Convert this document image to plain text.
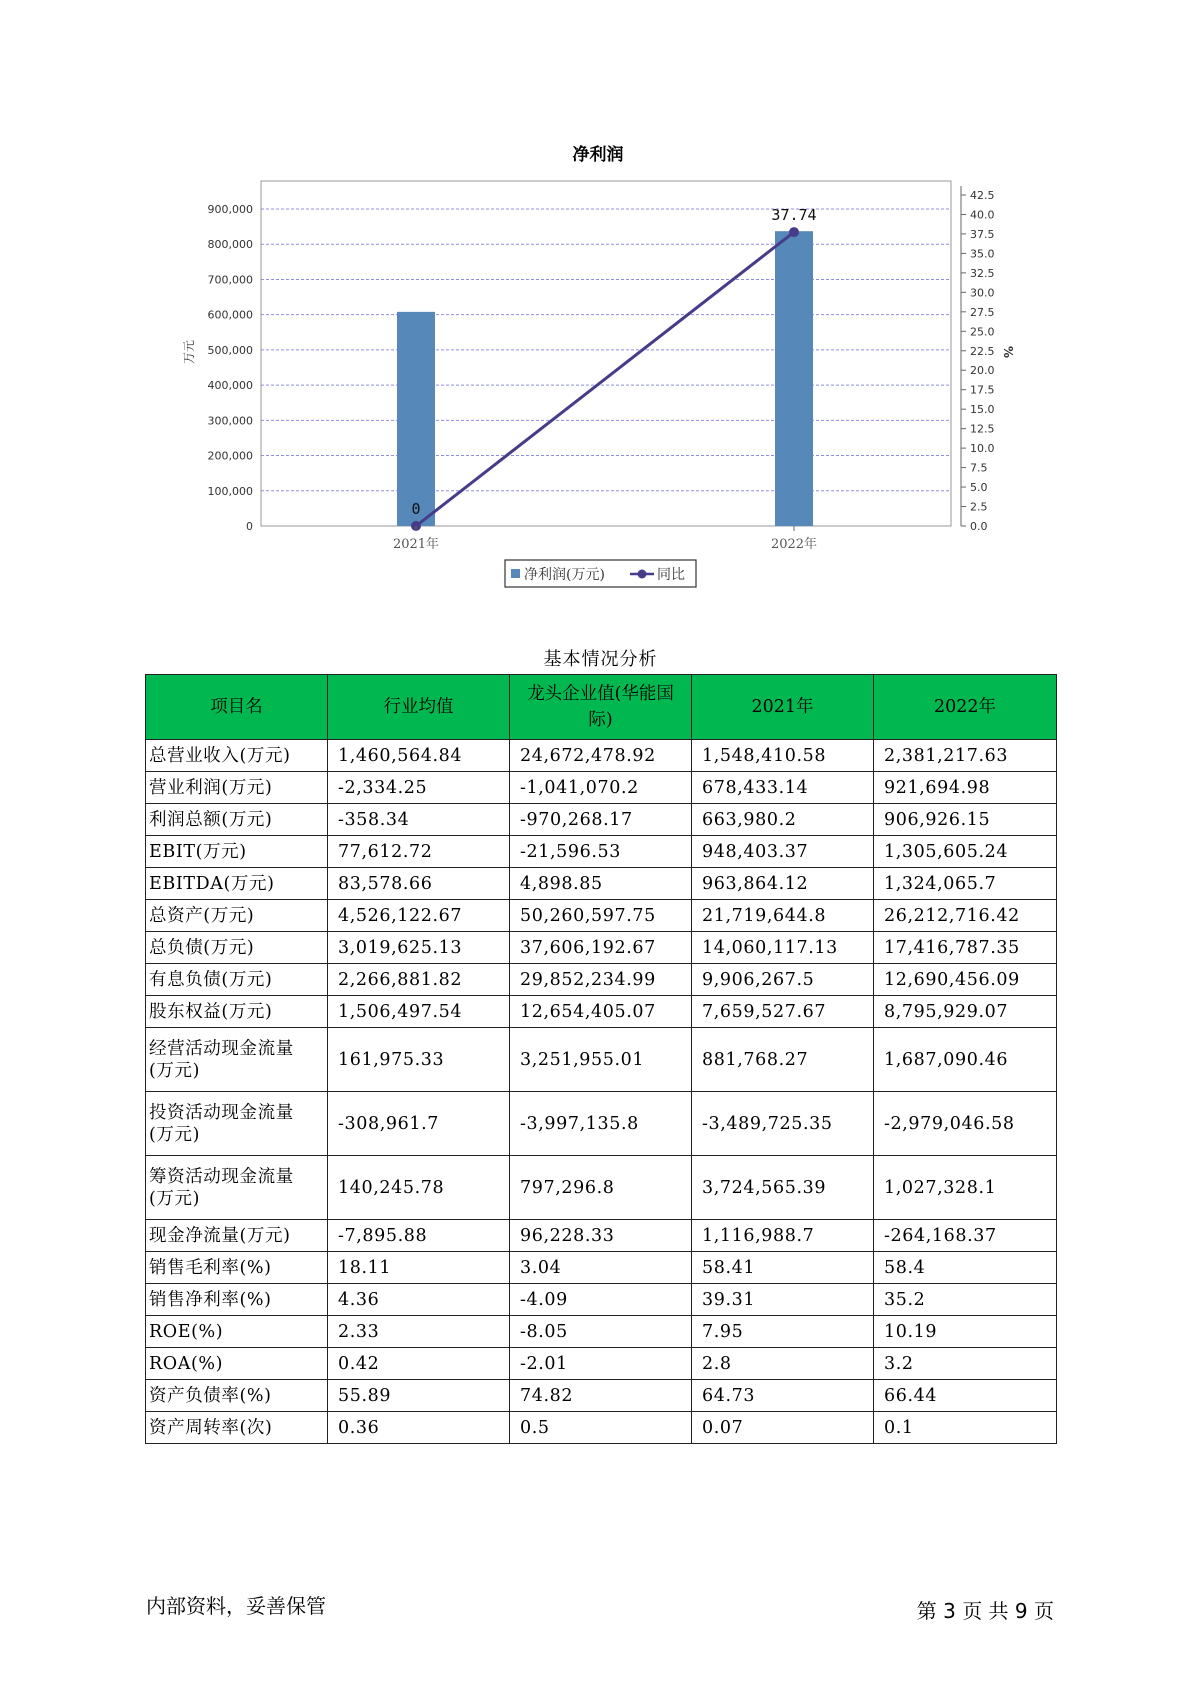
净利润
0
100,000
200,000
300,000
400,000
500,000
600,000
700,000
800,000
900,000
0.0
2.5
5.0
7.5
10.0
12.5
15.0
17.5
20.0
22.5
25.0
27.5
30.0
32.5
35.0
37.5
40.0
42.5
0
37.74
2021年	2022年
万元	%
净利润(万元)	同比
基本情况分析
项目名	行业均值	龙头企业值(华能国际)	2021年	2022年
总营业收入(万元)	1,460,564.84	24,672,478.92	1,548,410.58	2,381,217.63
营业利润(万元)	-2,334.25	-1,041,070.2	678,433.14	921,694.98
利润总额(万元)	-358.34	-970,268.17	663,980.2	906,926.15
EBIT(万元)	77,612.72	-21,596.53	948,403.37	1,305,605.24
EBITDA(万元)	83,578.66	4,898.85	963,864.12	1,324,065.7
总资产(万元)	4,526,122.67	50,260,597.75	21,719,644.8	26,212,716.42
总负债(万元)	3,019,625.13	37,606,192.67	14,060,117.13	17,416,787.35
有息负债(万元)	2,266,881.82	29,852,234.99	9,906,267.5	12,690,456.09
股东权益(万元)	1,506,497.54	12,654,405.07	7,659,527.67	8,795,929.07
经营活动现金流量(万元)	161,975.33	3,251,955.01	881,768.27	1,687,090.46
投资活动现金流量(万元)	-308,961.7	-3,997,135.8	-3,489,725.35	-2,979,046.58
筹资活动现金流量(万元)	140,245.78	797,296.8	3,724,565.39	1,027,328.1
现金净流量(万元)	-7,895.88	96,228.33	1,116,988.7	-264,168.37
销售毛利率(%)	18.11	3.04	58.41	58.4
销售净利率(%)	4.36	-4.09	39.31	35.2
ROE(%)	2.33	-8.05	7.95	10.19
ROA(%)	0.42	-2.01	2.8	3.2
资产负债率(%)	55.89	74.82	64.73	66.44
资产周转率(次)	0.36	0.5	0.07	0.1
内部资料，妥善保管	第 3 页 共 9 页
